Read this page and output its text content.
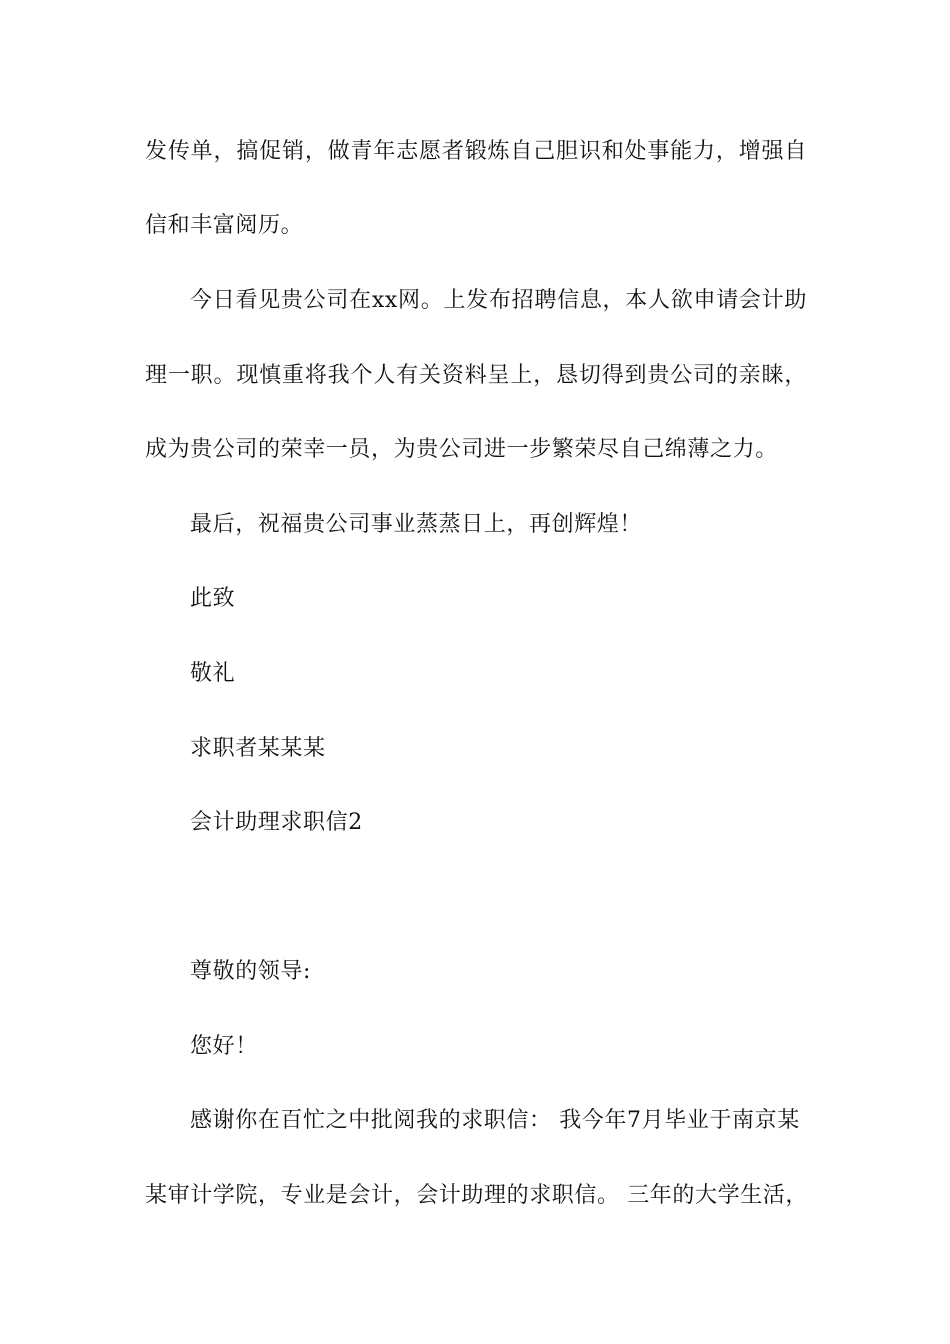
发传单，搞促销，做青年志愿者锻炼自己胆识和处事能力，增强自
信和丰富阅历。
今日看见贵公司在xx网。上发布招聘信息，本人欲申请会计助
理一职。现慎重将我个人有关资料呈上，恳切得到贵公司的亲睐，
成为贵公司的荣幸一员，为贵公司进一步繁荣尽自己绵薄之力。
最后，祝福贵公司事业蒸蒸日上，再创辉煌！
此致
敬礼
求职者某某某
会计助理求职信2
尊敬的领导:
您好！
感谢你在百忙之中批阅我的求职信： 我今年7月毕业于南京某
某审计学院，专业是会计，会计助理的求职信。 三年的大学生活，
